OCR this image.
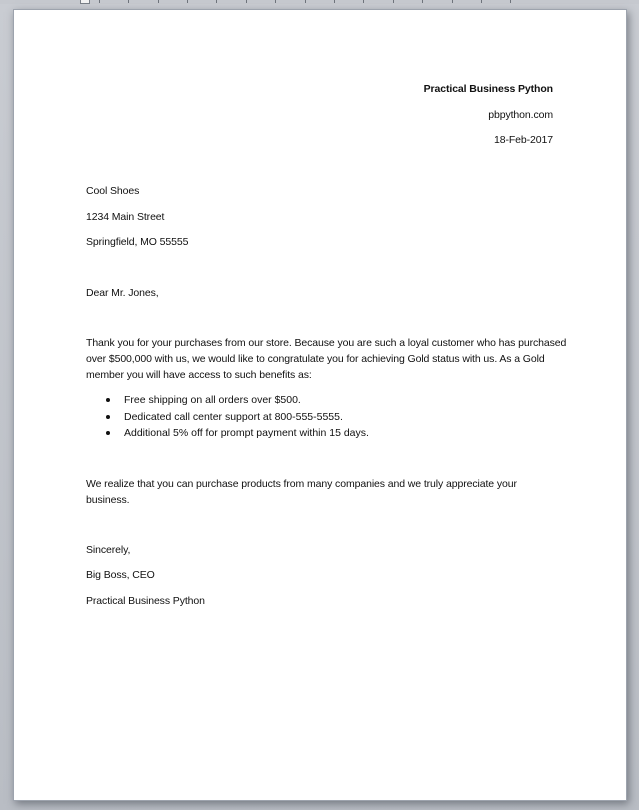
Practical Business Python
pbpython.com
18-Feb-2017
Cool Shoes
1234 Main Street
Springfield, MO 55555
Dear Mr. Jones,
Thank you for your purchases from our store. Because you are such a loyal customer who has purchased
over $500,000 with us, we would like to congratulate you for achieving Gold status with us. As a Gold
member you will have access to such benefits as:
Free shipping on all orders over $500.
Dedicated call center support at 800-555-5555.
Additional 5% off for prompt payment within 15 days.
We realize that you can purchase products from many companies and we truly appreciate your
business.
Sincerely,
Big Boss, CEO
Practical Business Python
